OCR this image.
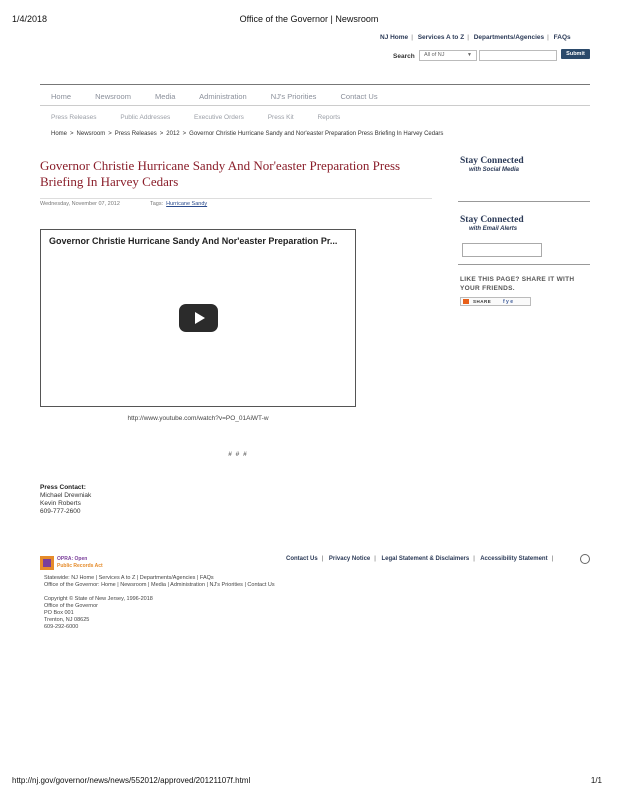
1/4/2018	Office of the Governor | Newsroom
NJ Home | Services A to Z | Departments/Agencies | FAQs
Search	All of NJ	▼	Submit
Home	Newsroom	Media	Administration	NJ's Priorities	Contact Us
Press Releases	Public Addresses	Executive Orders	Press Kit	Reports
Home > Newsroom > Press Releases > 2012 > Governor Christie Hurricane Sandy and Nor'easter Preparation Press Briefing In Harvey Cedars
Governor Christie Hurricane Sandy And Nor'easter Preparation Press Briefing In Harvey Cedars
Wednesday, November 07, 2012	Tags: Hurricane Sandy
Governor Christie Hurricane Sandy And Nor'easter Preparation Pr...
http://www.youtube.com/watch?v=PO_01AiWT-w
# # #
Press Contact:
Michael Drewniak
Kevin Roberts
609-777-2600
Stay Connected
with Social Media
Stay Connected
with Email Alerts
LIKE THIS PAGE? SHARE IT WITH YOUR FRIENDS.
SHARE f y e
OPRA: Open
Public Records Act
Contact Us | Privacy Notice | Legal Statement & Disclaimers | Accessibility Statement |
Statewide: NJ Home | Services A to Z | Departments/Agencies | FAQs
Office of the Governor: Home | Newsroom | Media | Administration | NJ's Priorities | Contact Us
Copyright © State of New Jersey, 1996-2018
Office of the Governor
PO Box 001
Trenton, NJ 08625
609-292-6000
http://nj.gov/governor/news/news/552012/approved/20121107f.html	1/1
